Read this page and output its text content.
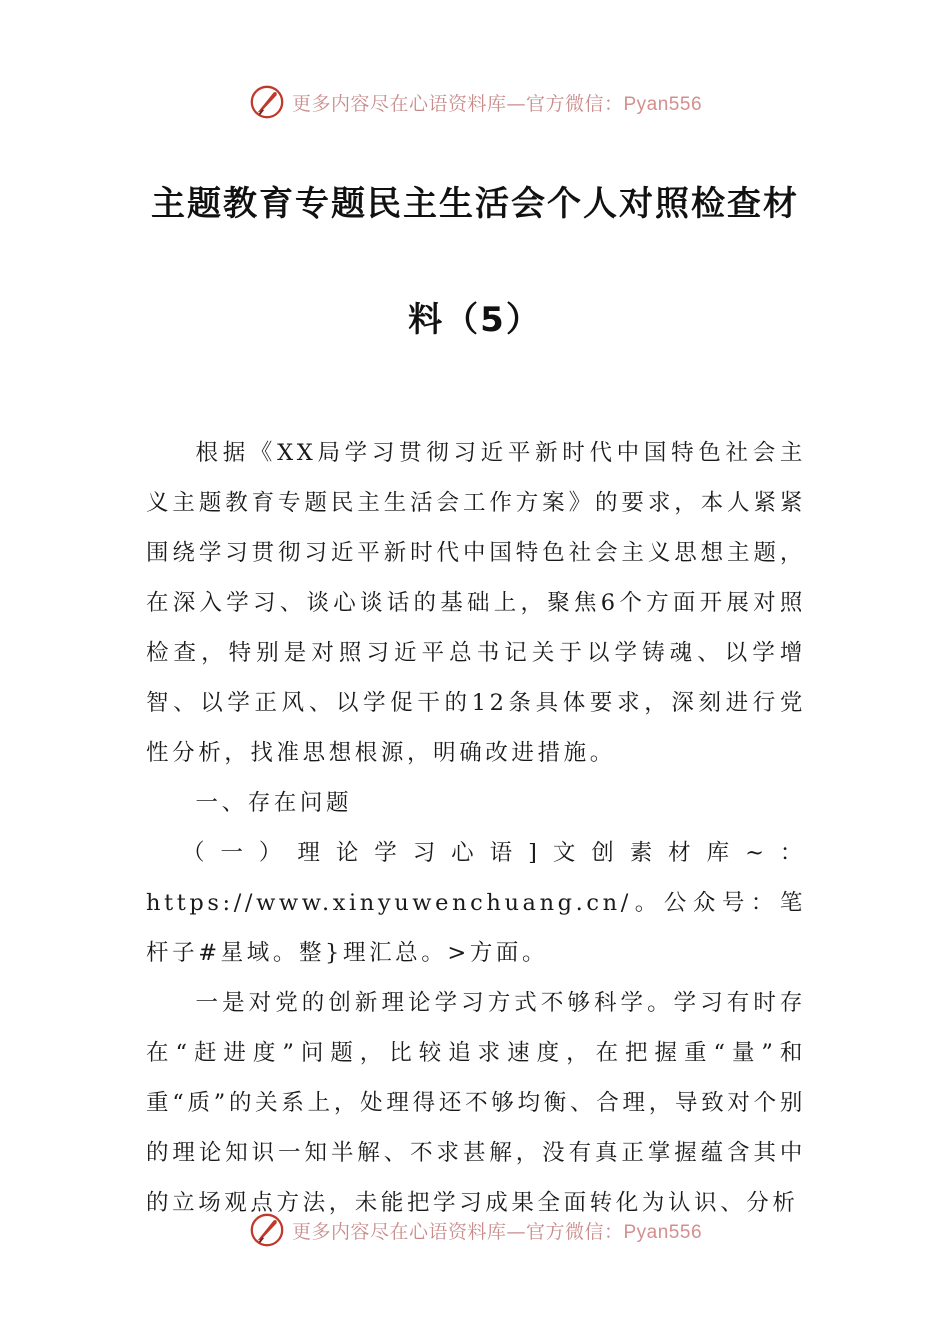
更多内容尽在心语资料库—官方微信：Pyan556
主题教育专题民主生活会个人对照检查材
料（5）

根据《XX局学习贯彻习近平新时代中国特色社会主义主题教育专题民主生活会工作方案》的要求，本人紧紧围绕学习贯彻习近平新时代中国特色社会主义思想主题，在深入学习、谈心谈话的基础上，聚焦6个方面开展对照检查，特别是对照习近平总书记关于以学铸魂、以学增智、以学正风、以学促干的12条具体要求，深刻进行党性分析，找准思想根源，明确改进措施。

一、存在问题

（一）理论学习心语]文创素材库~：https://www.xinyuwenchuang.cn/。公众号：笔杆子#星域。整}理汇总。>方面。

一是对党的创新理论学习方式不够科学。学习有时存在“赶进度”问题，比较追求速度，在把握重“量”和重“质”的关系上，处理得还不够均衡、合理，导致对个别的理论知识一知半解、不求甚解，没有真正掌握蕴含其中的立场观点方法，未能把学习成果全面转化为认识、分析

更多内容尽在心语资料库—官方微信：Pyan556
